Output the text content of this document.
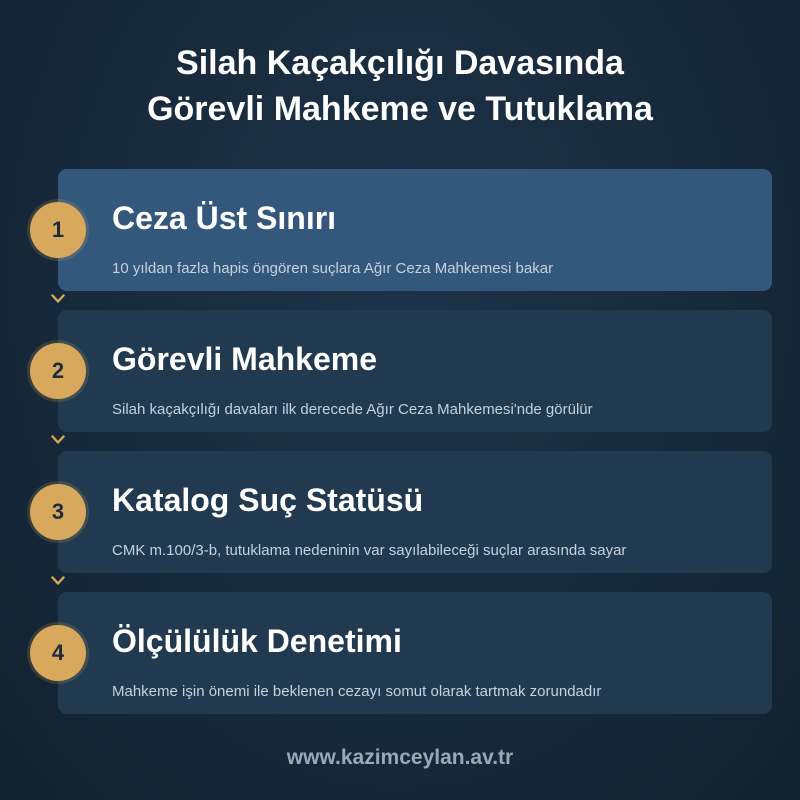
Silah Kaçakçılığı Davasında
Görevli Mahkeme ve Tutuklama
Ceza Üst Sınırı

10 yıldan fazla hapis öngören suçlara Ağır Ceza Mahkemesi bakar

Görevli Mahkeme

Silah kaçakçılığı davaları ilk derecede Ağır Ceza Mahkemesi'nde görülür

Katalog Suç Statüsü

CMK m.100/3-b, tutuklama nedeninin var sayılabileceği suçlar arasında sayar

Ölçülülük Denetimi

Mahkeme işin önemi ile beklenen cezayı somut olarak tartmak zorundadır

1
2
3
4

www.kazimceylan.av.tr
